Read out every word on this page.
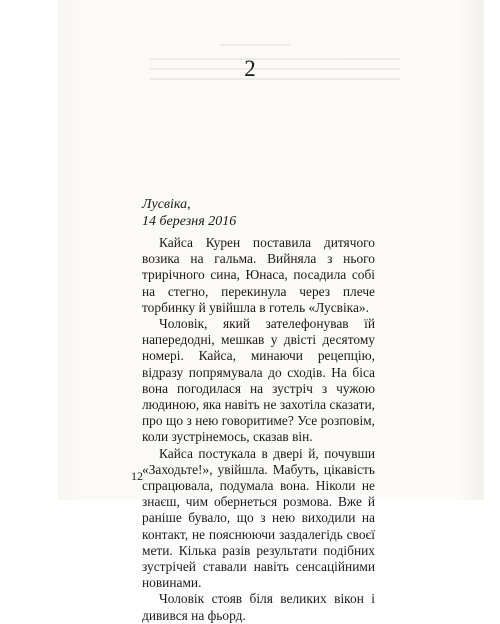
2
Лусвіка,
14 березня 2016

Кайса Курен поставила дитячого возика на гальма. Вийняла з нього трирічного сина, Юнаса, посадила собі на стегно, перекинула через плече торбинку й увійшла в готель «Лусвіка».

Чоловік, який зателефонував їй напередодні, мешкав у двісті десятому номері. Кайса, минаючи рецепцію, відразу попрямувала до сходів. На біса вона погодилася на зустріч з чужою людиною, яка навіть не захотіла сказати, про що з нею говоритиме? Усе розповім, коли зустрінемось, сказав він.

Кайса постукала в двері й, почувши «Заходьте!», увійшла. Мабуть, цікавість спрацювала, подумала вона. Ніколи не знаєш, чим обернеться розмова. Вже й раніше бувало, що з нею виходили на контакт, не пояснюючи заздалегідь своєї мети. Кілька разів результати подібних зустрічей ставали навіть сенсаційними новинами.

Чоловік стояв біля великих вікон і дивився на фьорд.

12
